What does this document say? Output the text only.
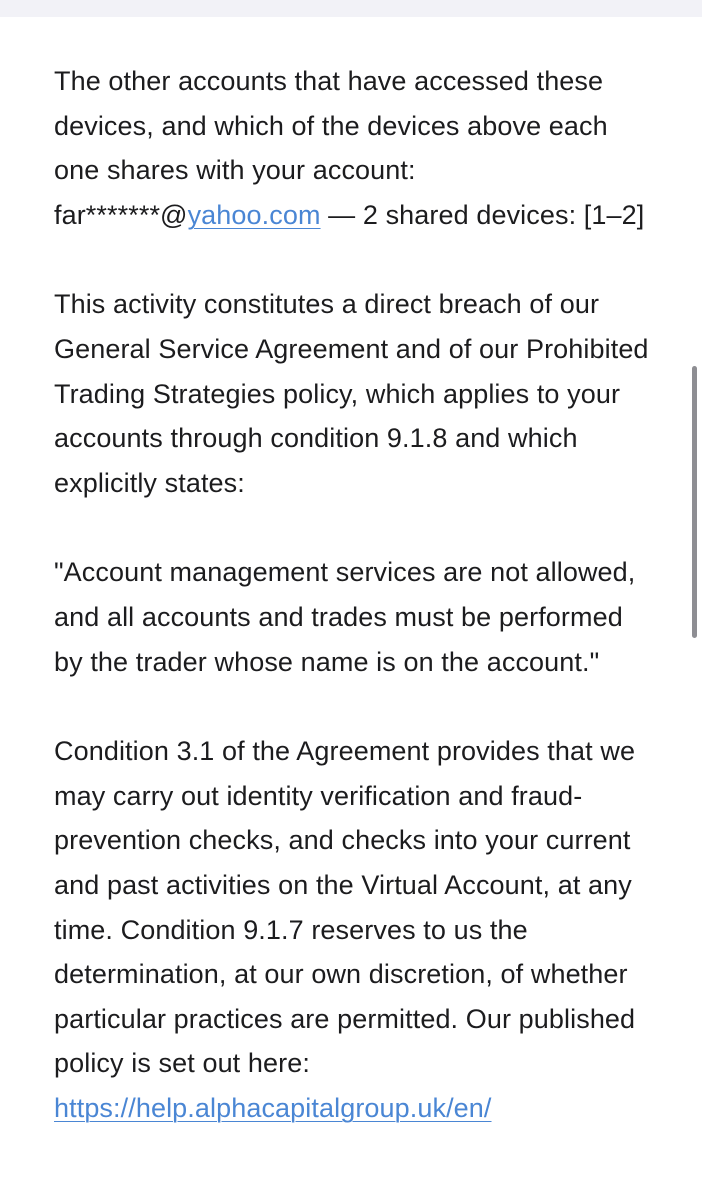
The other accounts that have accessed these devices, and which of the devices above each one shares with your account:
far*******@yahoo.com — 2 shared devices: [1–2]

This activity constitutes a direct breach of our General Service Agreement and of our Prohibited Trading Strategies policy, which applies to your accounts through condition 9.1.8 and which explicitly states:

"Account management services are not allowed, and all accounts and trades must be performed by the trader whose name is on the account."

Condition 3.1 of the Agreement provides that we may carry out identity verification and fraud-prevention checks, and checks into your current and past activities on the Virtual Account, at any time. Condition 9.1.7 reserves to us the determination, at our own discretion, of whether particular practices are permitted. Our published policy is set out here: https://help.alphacapitalgroup.uk/en/
